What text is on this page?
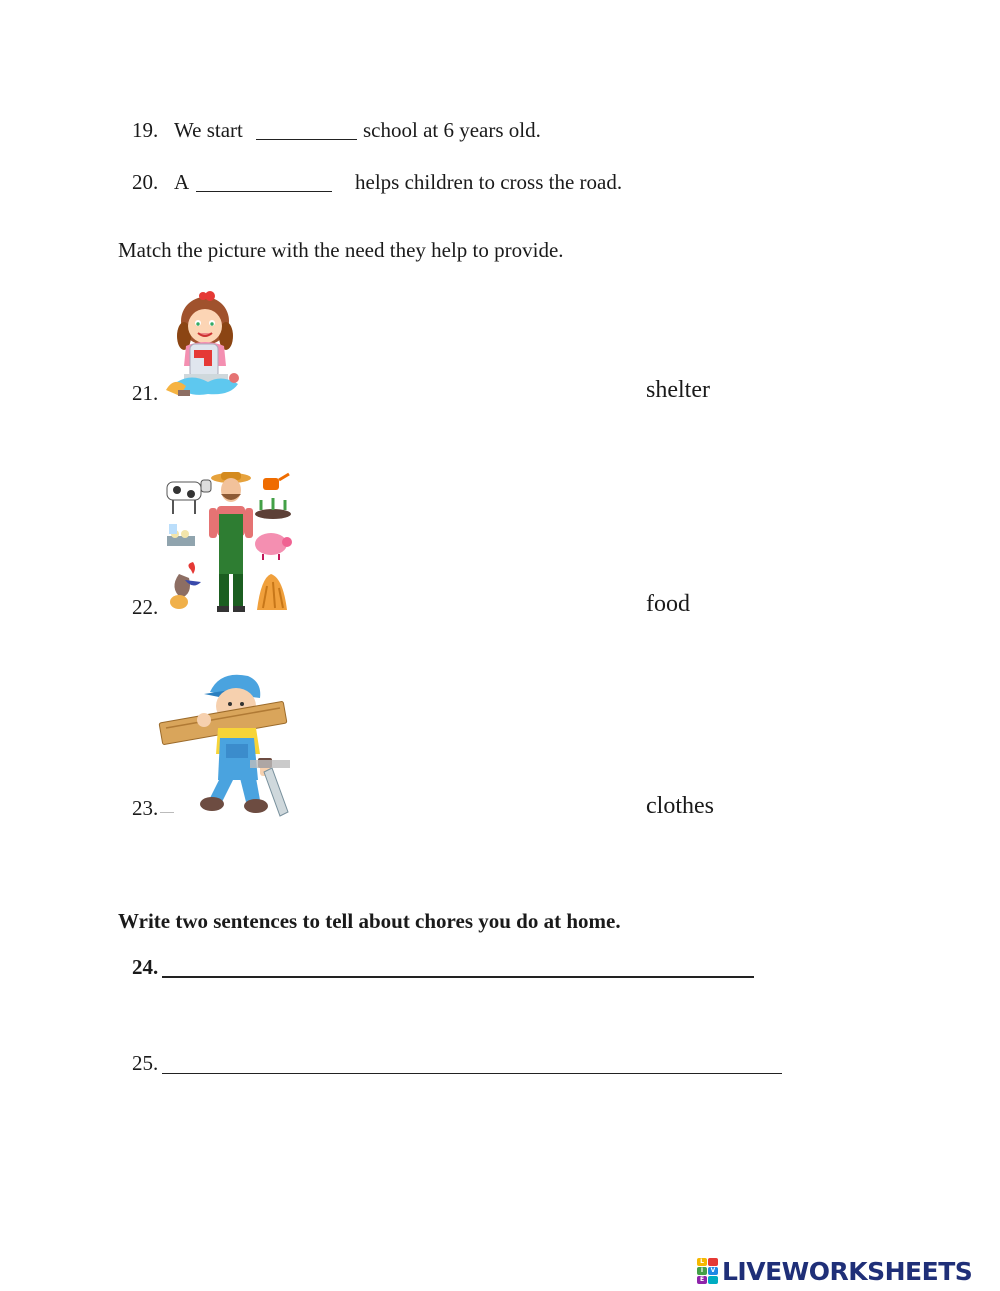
19. We start	school at 6 years old.
20. A	helps children to cross the road.
Match the picture with the need they help to provide.
21.	shelter
22.	food
23.	clothes
Write two sentences to tell about chores you do at home.
24.
25.
L
I	V
E LIVEWORKSHEETS
